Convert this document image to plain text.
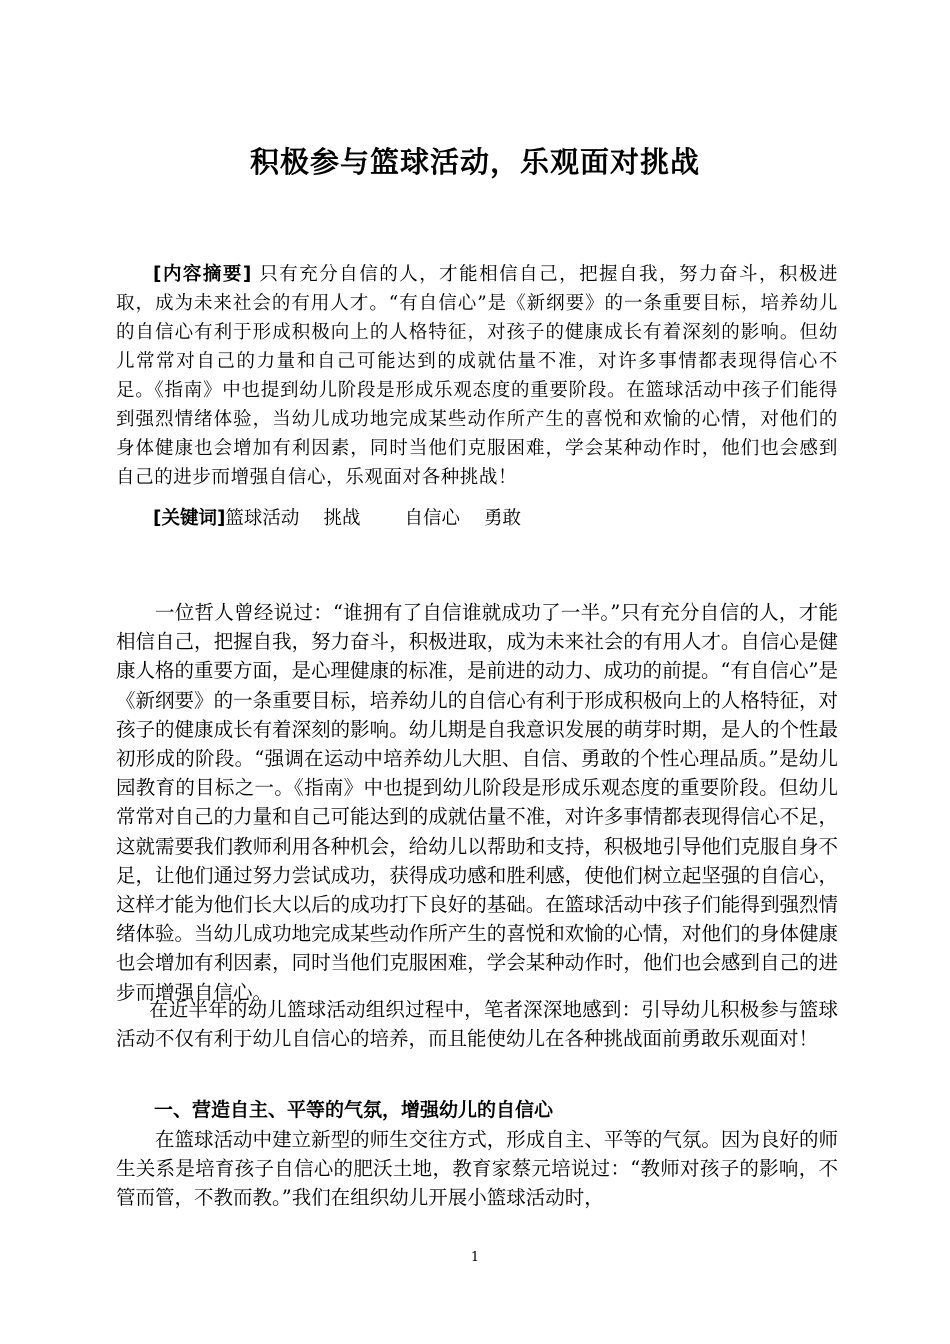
积极参与篮球活动，乐观面对挑战
[内容摘要] 只有充分自信的人，才能相信自己，把握自我，努力奋斗，积极进取，成为未来社会的有用人才。“有自信心”是《新纲要》的一条重要目标，培养幼儿的自信心有利于形成积极向上的人格特征，对孩子的健康成长有着深刻的影响。但幼儿常常对自己的力量和自己可能达到的成就估量不准，对许多事情都表现得信心不足。《指南》中也提到幼儿阶段是形成乐观态度的重要阶段。在篮球活动中孩子们能得到强烈情绪体验，当幼儿成功地完成某些动作所产生的喜悦和欢愉的心情，对他们的身体健康也会增加有利因素，同时当他们克服困难，学会某种动作时，他们也会感到自己的进步而增强自信心，乐观面对各种挑战！
[关键词]篮球活动 挑战 自信心 勇敢
一位哲人曾经说过：“谁拥有了自信谁就成功了一半。”只有充分自信的人，才能相信自己，把握自我，努力奋斗，积极进取，成为未来社会的有用人才。自信心是健康人格的重要方面，是心理健康的标准，是前进的动力、成功的前提。“有自信心”是《新纲要》的一条重要目标，培养幼儿的自信心有利于形成积极向上的人格特征，对孩子的健康成长有着深刻的影响。幼儿期是自我意识发展的萌芽时期，是人的个性最初形成的阶段。“强调在运动中培养幼儿大胆、自信、勇敢的个性心理品质。”是幼儿园教育的目标之一。《指南》中也提到幼儿阶段是形成乐观态度的重要阶段。但幼儿常常对自己的力量和自己可能达到的成就估量不准，对许多事情都表现得信心不足，这就需要我们教师利用各种机会，给幼儿以帮助和支持，积极地引导他们克服自身不足，让他们通过努力尝试成功，获得成功感和胜利感，使他们树立起坚强的自信心，这样才能为他们长大以后的成功打下良好的基础。在篮球活动中孩子们能得到强烈情绪体验。当幼儿成功地完成某些动作所产生的喜悦和欢愉的心情，对他们的身体健康也会增加有利因素，同时当他们克服困难，学会某种动作时，他们也会感到自己的进步而增强自信心。
在近半年的幼儿篮球活动组织过程中，笔者深深地感到：引导幼儿积极参与篮球活动不仅有利于幼儿自信心的培养，而且能使幼儿在各种挑战面前勇敢乐观面对！
一、营造自主、平等的气氛，增强幼儿的自信心
在篮球活动中建立新型的师生交往方式，形成自主、平等的气氛。因为良好的师生关系是培育孩子自信心的肥沃土地，教育家蔡元培说过：“教师对孩子的影响，不管而管，不教而教。”我们在组织幼儿开展小篮球活动时，
1
